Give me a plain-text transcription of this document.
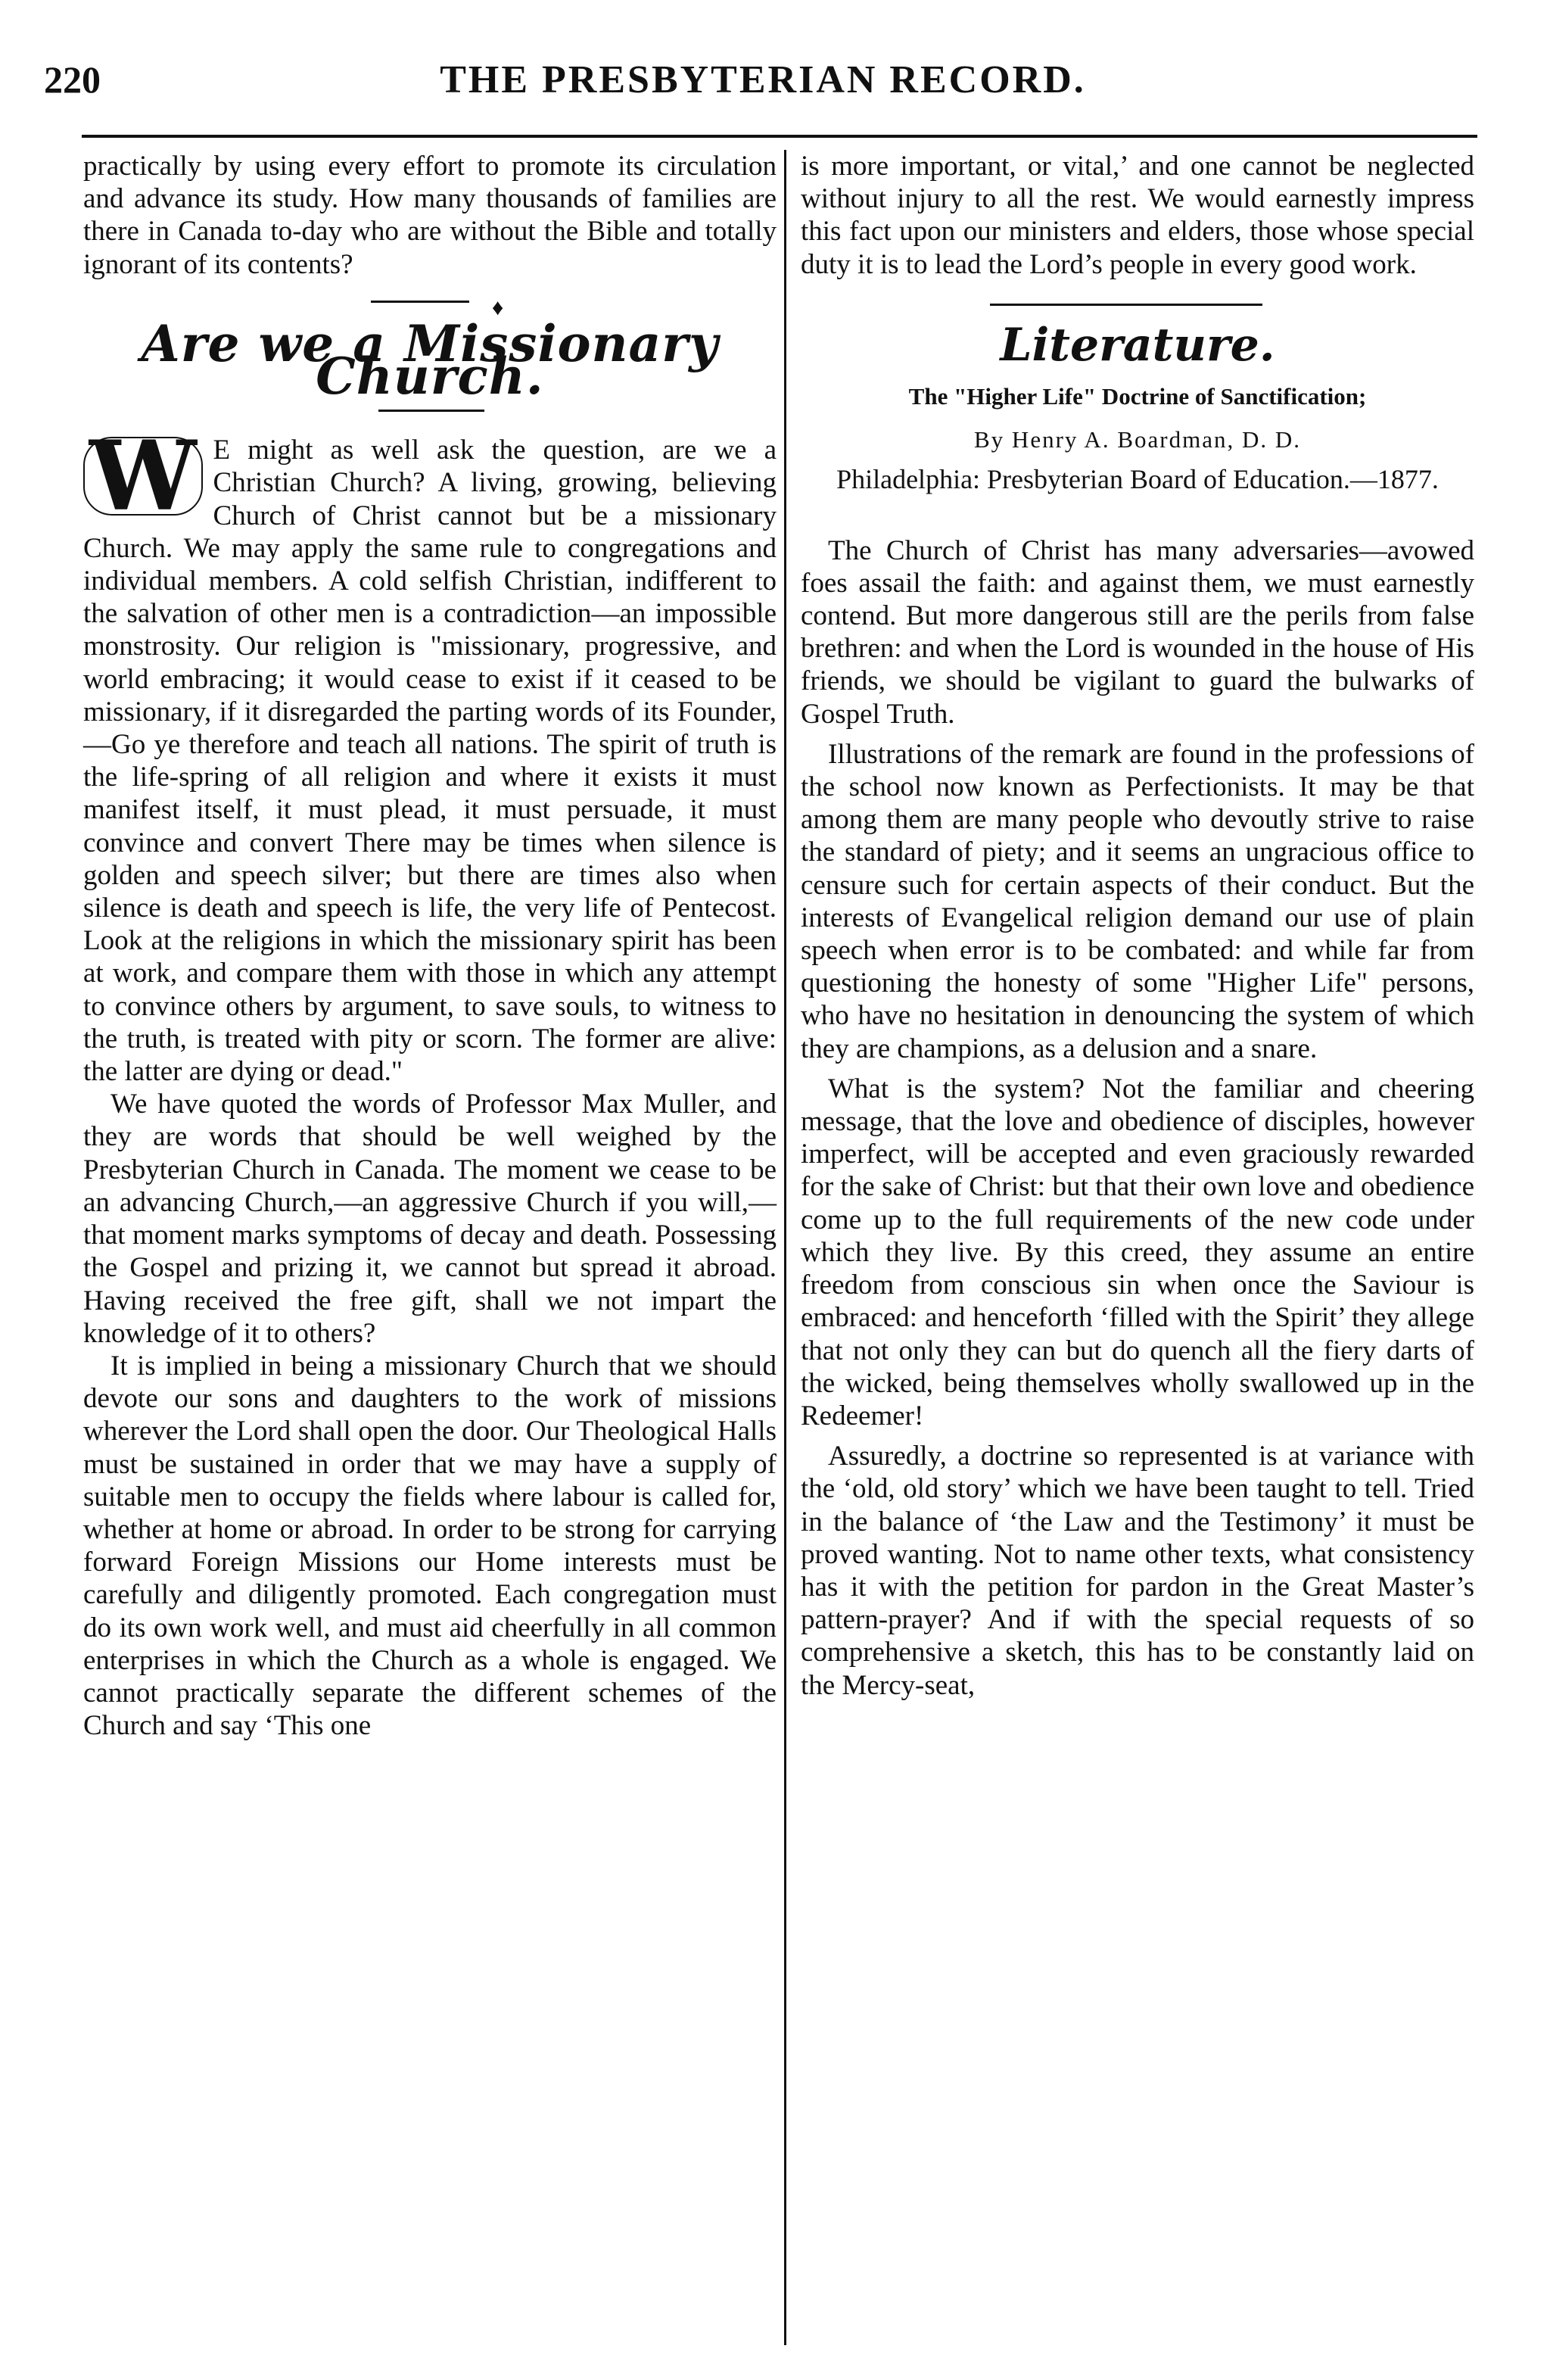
220	THE PRESBYTERIAN RECORD.

practically by using every effort to promote its circulation and advance its study. How many thousands of families are there in Canada to-day who are without the Bible and totally ignorant of its contents?

♦
Are we a Missionary Church.
W E might as well ask the question, are we a Christian Church? A living, growing, believing Church of Christ cannot but be a missionary Church. We may apply the same rule to congregations and individual members. A cold selfish Christian, indifferent to the salvation of other men is a contradiction—an impossible monstrosity. Our religion is "missionary, progressive, and world embracing; it would cease to exist if it ceased to be missionary, if it disregarded the parting words of its Founder,—Go ye therefore and teach all nations. The spirit of truth is the life-spring of all religion and where it exists it must manifest itself, it must plead, it must persuade, it must convince and convert There may be times when silence is golden and speech silver; but there are times also when silence is death and speech is life, the very life of Pentecost. Look at the religions in which the missionary spirit has been at work, and compare them with those in which any attempt to convince others by argument, to save souls, to witness to the truth, is treated with pity or scorn. The former are alive: the latter are dying or dead."

We have quoted the words of Professor Max Muller, and they are words that should be well weighed by the Presbyterian Church in Canada. The moment we cease to be an advancing Church,—an aggressive Church if you will,—that moment marks symptoms of decay and death. Possessing the Gospel and prizing it, we cannot but spread it abroad. Having received the free gift, shall we not impart the knowledge of it to others?

It is implied in being a missionary Church that we should devote our sons and daughters to the work of missions wherever the Lord shall open the door. Our Theological Halls must be sustained in order that we may have a supply of suitable men to occupy the fields where labour is called for, whether at home or abroad. In order to be strong for carrying forward Foreign Missions our Home interests must be carefully and diligently promoted. Each congregation must do its own work well, and must aid cheerfully in all common enterprises in which the Church as a whole is engaged. We cannot practically separate the different schemes of the Church and say ‘This one

is more important, or vital,’ and one cannot be neglected without injury to all the rest. We would earnestly impress this fact upon our ministers and elders, those whose special duty it is to lead the Lord’s people in every good work.

Literature.
The "Higher Life" Doctrine of Sanctification;
By Henry A. Boardman, D. D.
Philadelphia: Presbyterian Board of Education.—1877.

The Church of Christ has many adversaries—avowed foes assail the faith: and against them, we must earnestly contend. But more dangerous still are the perils from false brethren: and when the Lord is wounded in the house of His friends, we should be vigilant to guard the bulwarks of Gospel Truth.

Illustrations of the remark are found in the professions of the school now known as Perfectionists. It may be that among them are many people who devoutly strive to raise the standard of piety; and it seems an ungracious office to censure such for certain aspects of their conduct. But the interests of Evangelical religion demand our use of plain speech when error is to be combated: and while far from questioning the honesty of some "Higher Life" persons, who have no hesitation in denouncing the system of which they are champions, as a delusion and a snare.

What is the system? Not the familiar and cheering message, that the love and obedience of disciples, however imperfect, will be accepted and even graciously rewarded for the sake of Christ: but that their own love and obedience come up to the full requirements of the new code under which they live. By this creed, they assume an entire freedom from conscious sin when once the Saviour is embraced: and henceforth ‘filled with the Spirit’ they allege that not only they can but do quench all the fiery darts of the wicked, being themselves wholly swallowed up in the Redeemer!

Assuredly, a doctrine so represented is at variance with the ‘old, old story’ which we have been taught to tell. Tried in the balance of ‘the Law and the Testimony’ it must be proved wanting. Not to name other texts, what consistency has it with the petition for pardon in the Great Master’s pattern-prayer? And if with the special requests of so comprehensive a sketch, this has to be constantly laid on the Mercy-seat,
